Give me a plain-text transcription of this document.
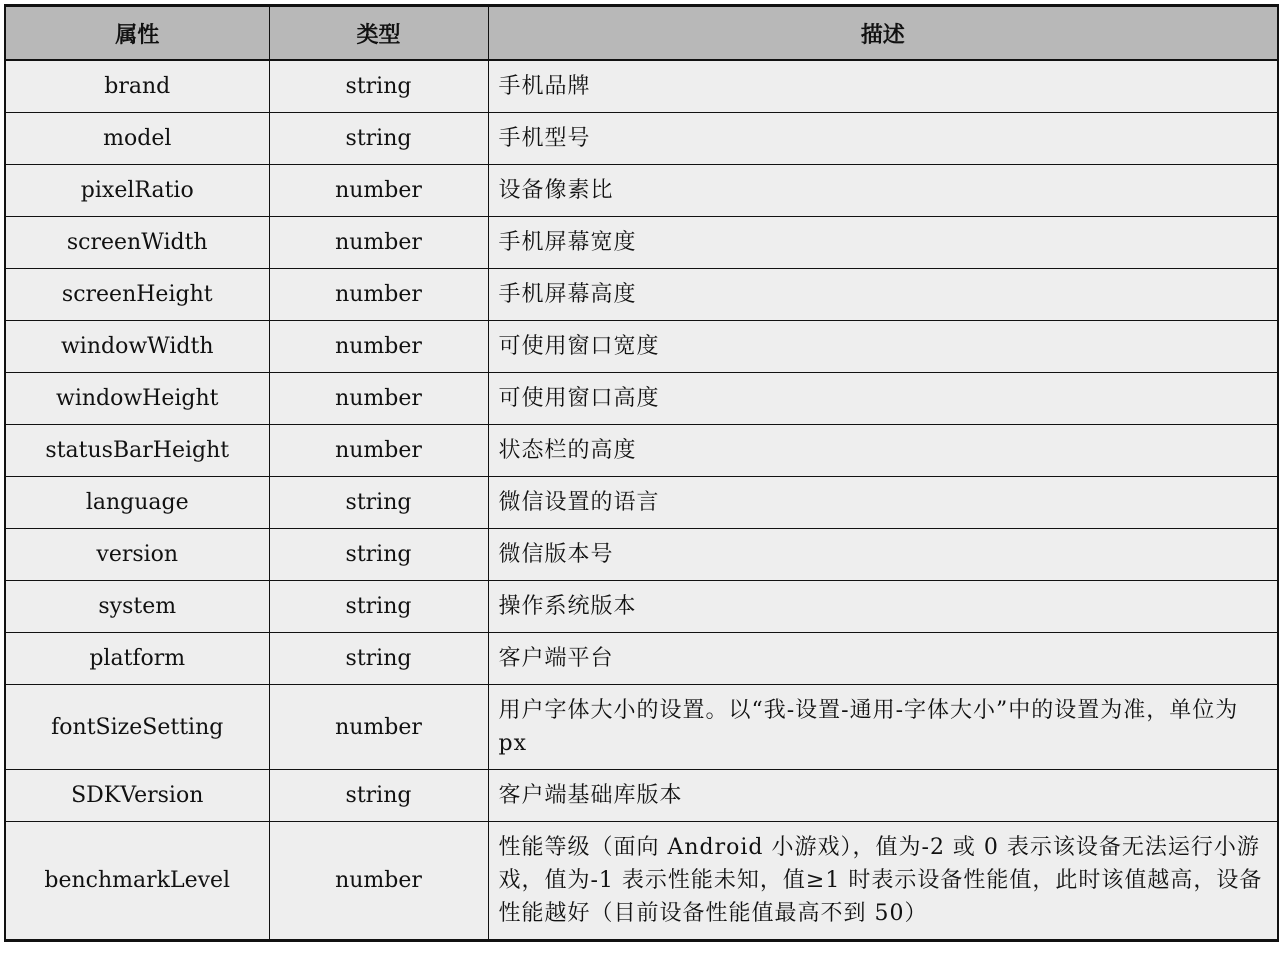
属性	类型	描述
brand	string	手机品牌
model	string	手机型号
pixelRatio	number	设备像素比
screenWidth	number	手机屏幕宽度
screenHeight	number	手机屏幕高度
windowWidth	number	可使用窗口宽度
windowHeight	number	可使用窗口高度
statusBarHeight	number	状态栏的高度
language	string	微信设置的语言
version	string	微信版本号
system	string	操作系统版本
platform	string	客户端平台
fontSizeSetting	number	用户字体大小的设置。以“我-设置-通用-字体大小”中的设置为准，单位为 px
SDKVersion	string	客户端基础库版本
benchmarkLevel	number	性能等级（面向 Android 小游戏），值为-2 或 0 表示该设备无法运行小游戏，值为-1 表示性能未知，值≥1 时表示设备性能值，此时该值越高，设备性能越好（目前设备性能值最高不到 50）
